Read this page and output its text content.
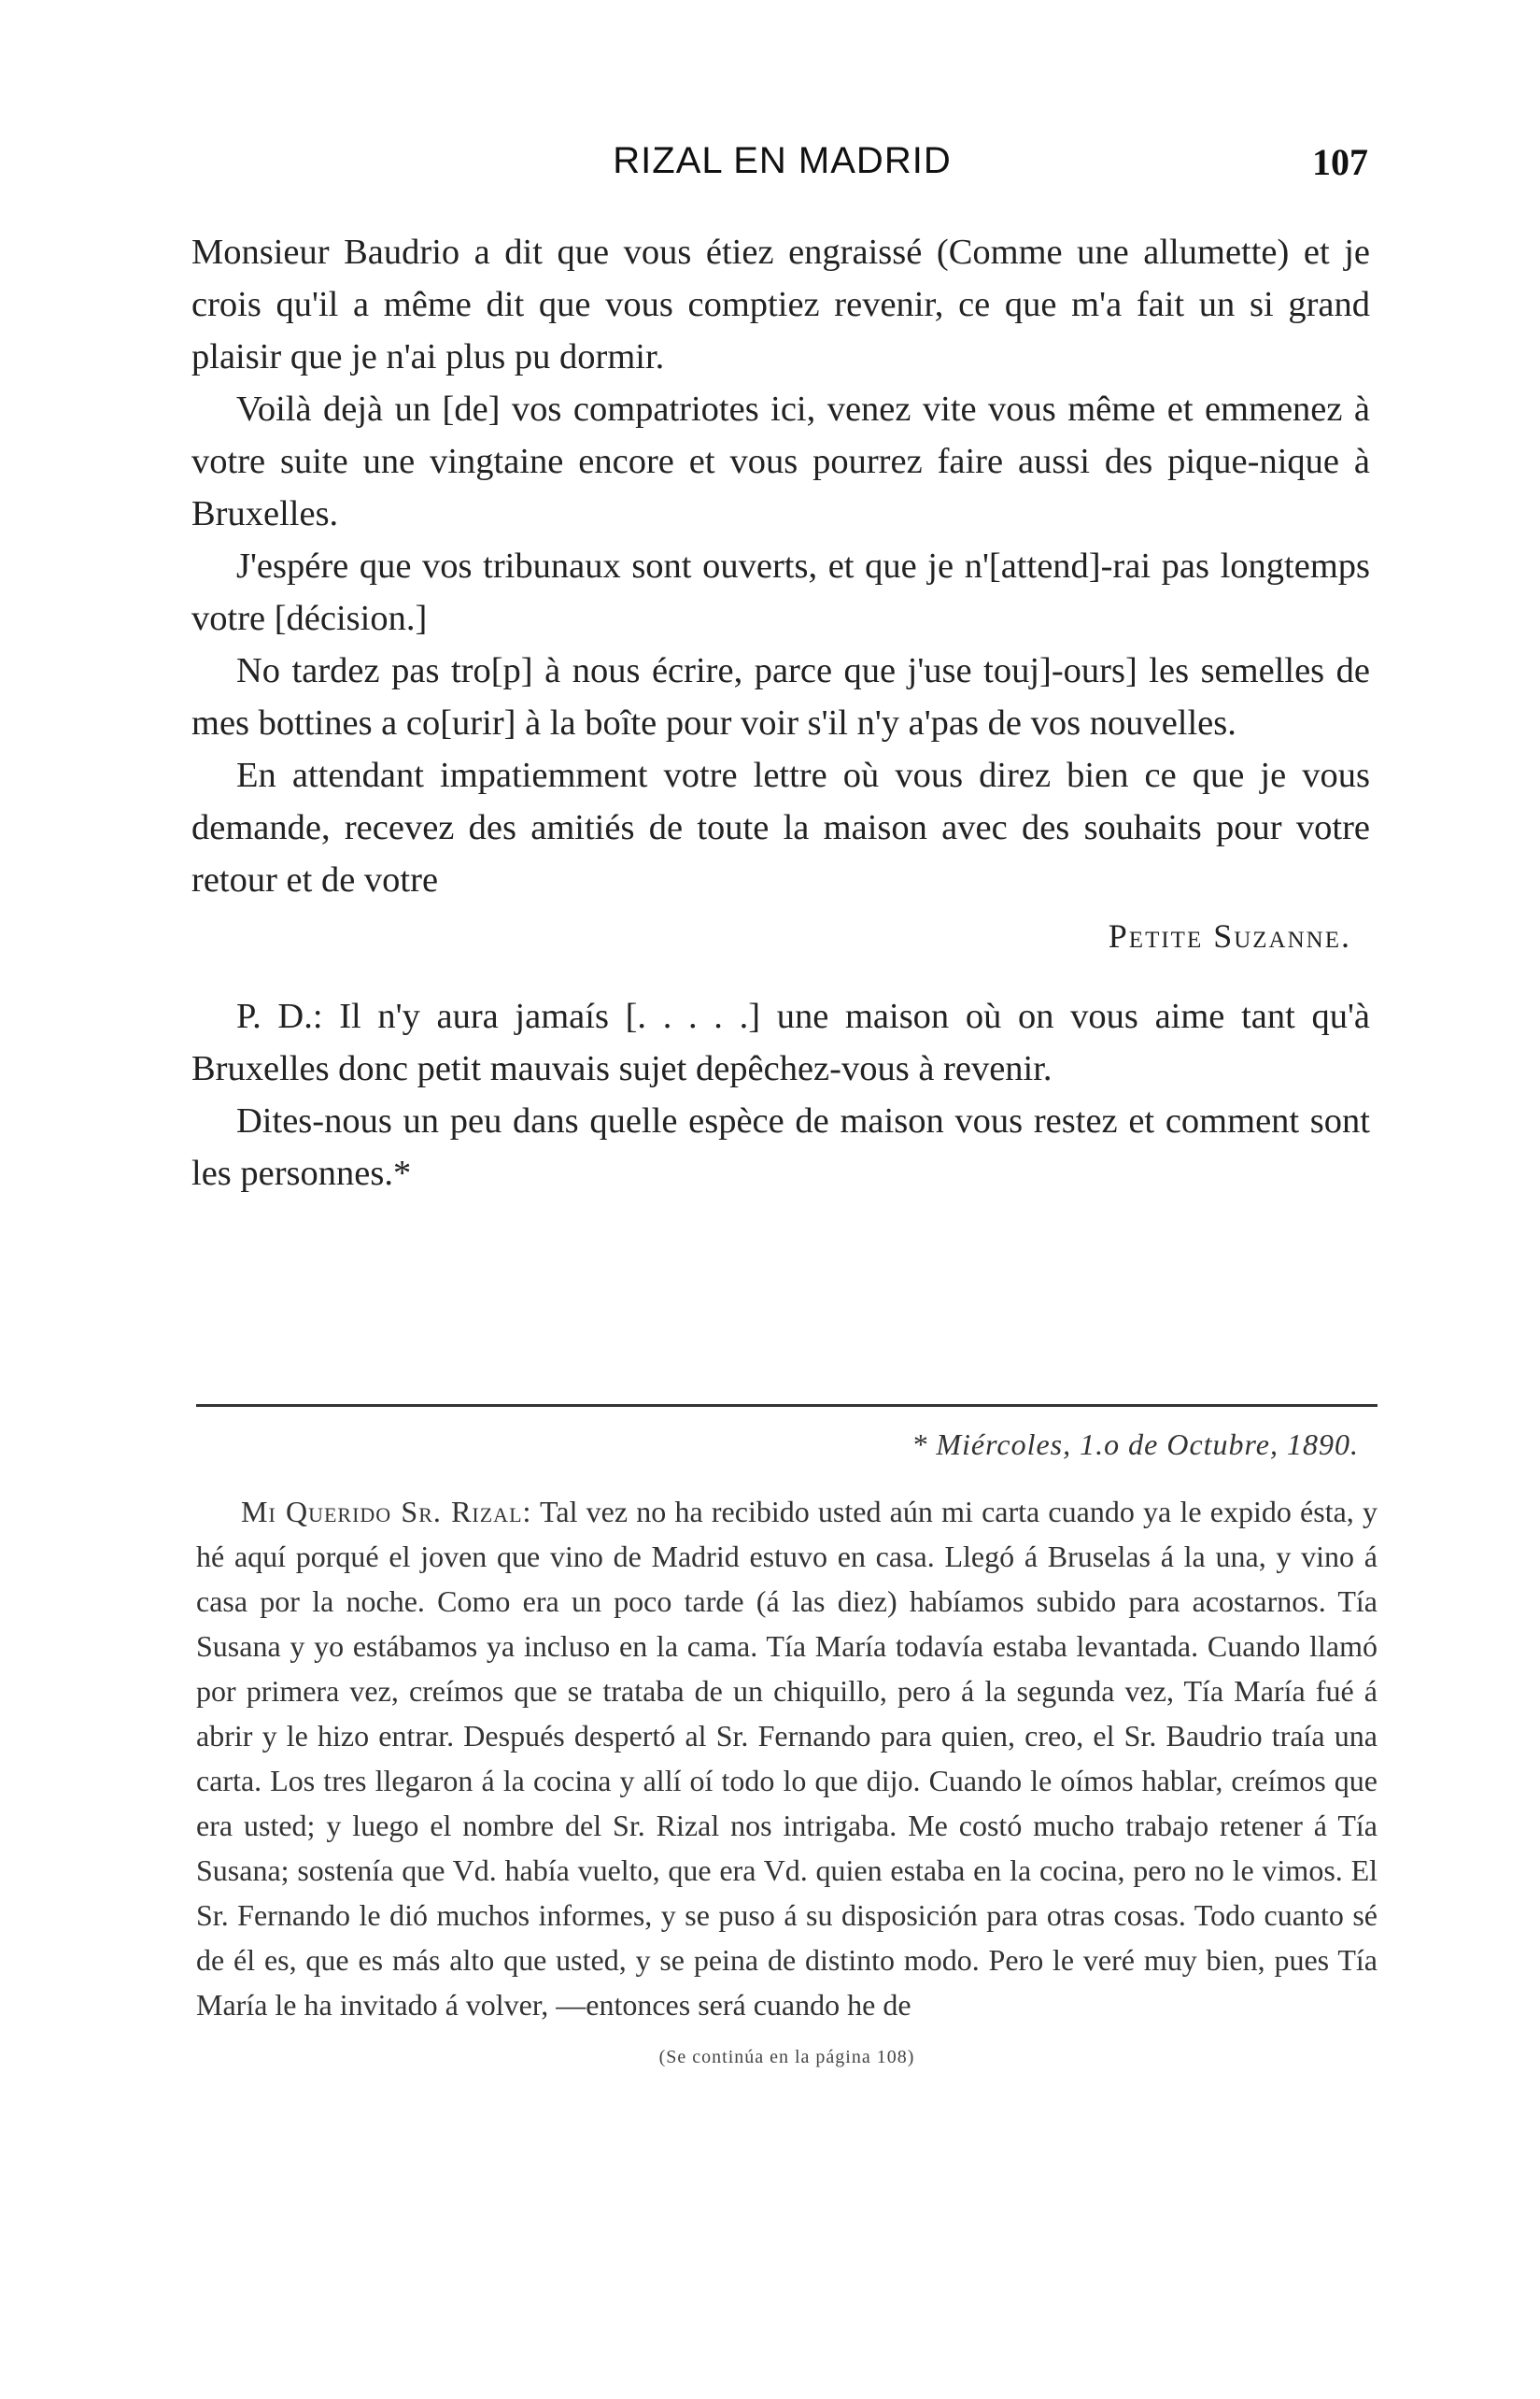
RIZAL EN MADRID	107

Monsieur Baudrio a dit que vous étiez engraissé (Comme une allumette) et je crois qu'il a même dit que vous comptiez revenir, ce que m'a fait un si grand plaisir que je n'ai plus pu dormir.

Voilà dejà un [de] vos compatriotes ici, venez vite vous même et emmenez à votre suite une vingtaine encore et vous pourrez faire aussi des pique-nique à Bruxelles.

J'espére que vos tribunaux sont ouverts, et que je n'[attend]-rai pas longtemps votre [décision.]

No tardez pas tro[p] à nous écrire, parce que j'use touj]-ours] les semelles de mes bottines a co[urir] à la boîte pour voir s'il n'y a'pas de vos nouvelles.

En attendant impatiemment votre lettre où vous direz bien ce que je vous demande, recevez des amitiés de toute la maison avec des souhaits pour votre retour et de votre

Petite Suzanne.

P. D.: Il n'y aura jamaís [. . . . .] une maison où on vous aime tant qu'à Bruxelles donc petit mauvais sujet depêchez-vous à revenir.

Dites-nous un peu dans quelle espèce de maison vous restez et comment sont les personnes.*

* Miércoles, 1.o de Octubre, 1890.

Mi Querido Sr. Rizal: Tal vez no ha recibido usted aún mi carta cuando ya le expido ésta, y hé aquí porqué el joven que vino de Madrid estuvo en casa. Llegó á Bruselas á la una, y vino á casa por la noche. Como era un poco tarde (á las diez) habíamos subido para acostarnos. Tía Susana y yo estábamos ya incluso en la cama. Tía María todavía estaba levantada. Cuando llamó por primera vez, creímos que se trataba de un chiquillo, pero á la segunda vez, Tía María fué á abrir y le hizo entrar. Después despertó al Sr. Fernando para quien, creo, el Sr. Baudrio traía una carta. Los tres llegaron á la cocina y allí oí todo lo que dijo. Cuando le oímos hablar, creímos que era usted; y luego el nombre del Sr. Rizal nos intrigaba. Me costó mucho trabajo retener á Tía Susana; sostenía que Vd. había vuelto, que era Vd. quien estaba en la cocina, pero no le vimos. El Sr. Fernando le dió muchos informes, y se puso á su disposición para otras cosas. Todo cuanto sé de él es, que es más alto que usted, y se peina de distinto modo. Pero le veré muy bien, pues Tía María le ha invitado á volver, —entonces será cuando he de

(Se continúa en la página 108)
